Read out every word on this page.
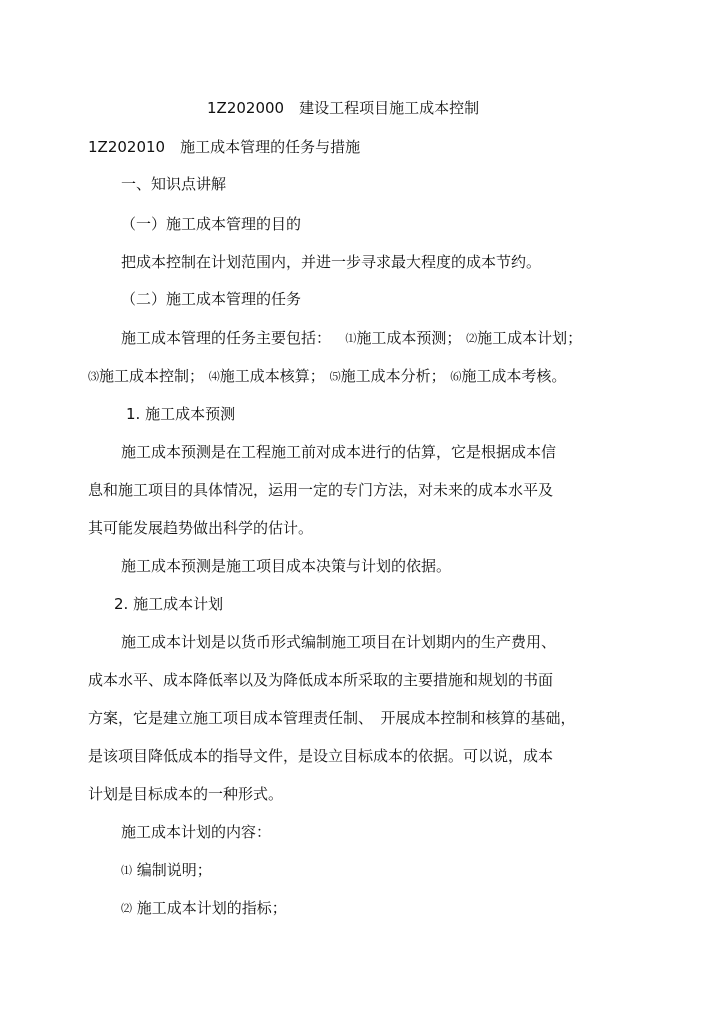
1Z202000　建设工程项目施工成本控制
1Z202010　施工成本管理的任务与措施
一、知识点讲解
（一）施工成本管理的目的
把成本控制在计划范围内，并进一步寻求最大程度的成本节约。
（二）施工成本管理的任务
施工成本管理的任务主要包括： ⑴施工成本预测； ⑵施工成本计划；
⑶施工成本控制； ⑷施工成本核算； ⑸施工成本分析； ⑹施工成本考核。
1. 施工成本预测
施工成本预测是在工程施工前对成本进行的估算，它是根据成本信
息和施工项目的具体情况，运用一定的专门方法，对未来的成本水平及
其可能发展趋势做出科学的估计。
施工成本预测是施工项目成本决策与计划的依据。
2. 施工成本计划
施工成本计划是以货币形式编制施工项目在计划期内的生产费用、
成本水平、成本降低率以及为降低成本所采取的主要措施和规划的书面
方案，它是建立施工项目成本管理责任制、　开展成本控制和核算的基础，
是该项目降低成本的指导文件，是设立目标成本的依据。可以说，成本
计划是目标成本的一种形式。
施工成本计划的内容：
⑴ 编制说明；
⑵ 施工成本计划的指标；
